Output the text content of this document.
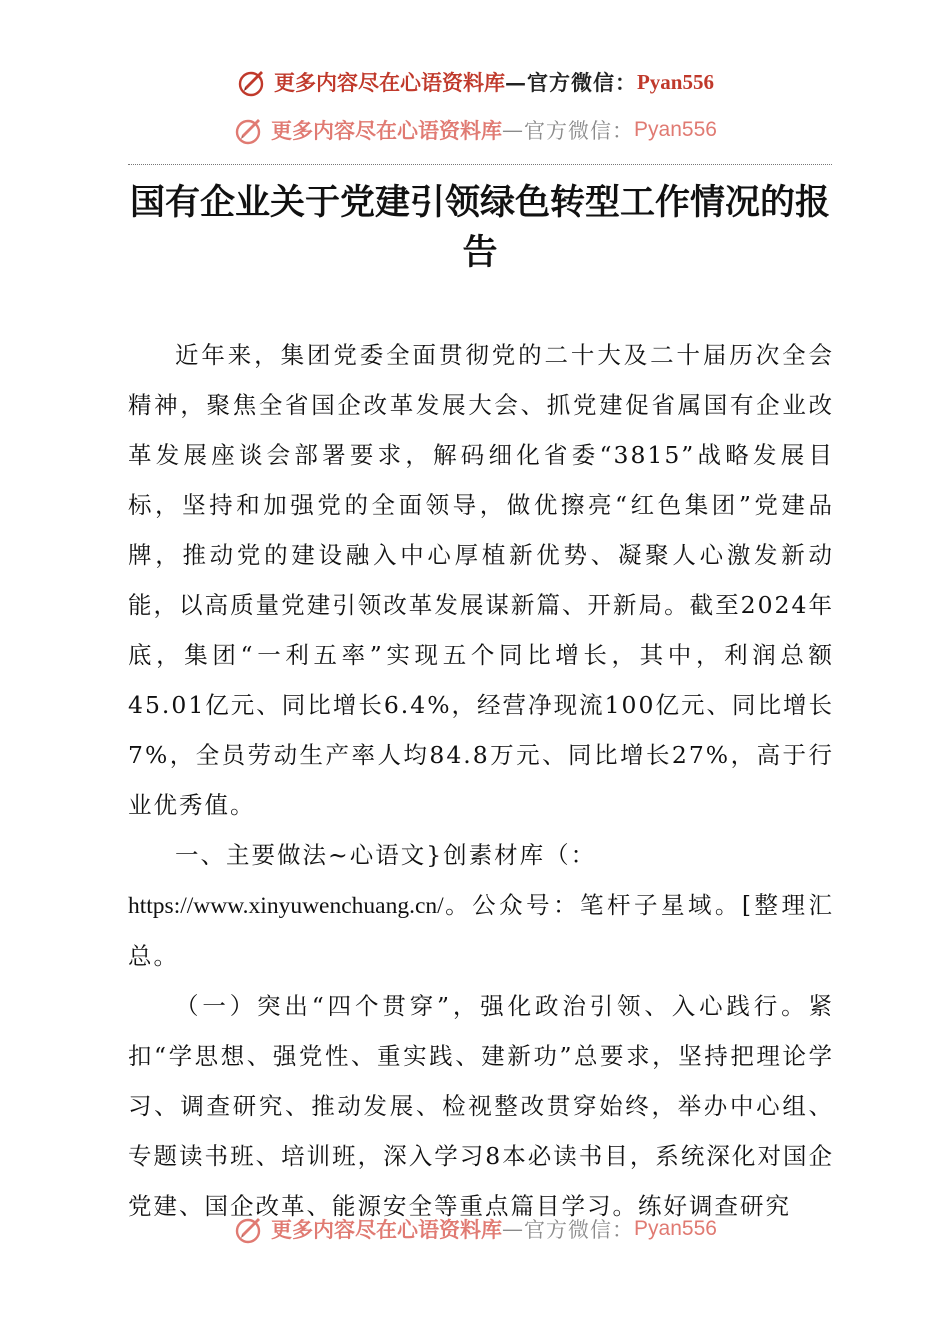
更多内容尽在心语资料库 — 官方微信： Pyan556
更多内容尽在心语资料库 — 官方微信： Pyan556
国有企业关于党建引领绿色转型工作情况的报告

近年来，集团党委全面贯彻党的二十大及二十届历次全会精神，聚焦全省国企改革发展大会、抓党建促省属国有企业改革发展座谈会部署要求，解码细化省委“3815”战略发展目标，坚持和加强党的全面领导，做优擦亮“红色集团”党建品牌，推动党的建设融入中心厚植新优势、凝聚人心激发新动能，以高质量党建引领改革发展谋新篇、开新局。截至2024年底，集团“一利五率”实现五个同比增长，其中，利润总额45.01亿元、同比增长6.4%，经营净现流100亿元、同比增长7%，全员劳动生产率人均84.8万元、同比增长27%，高于行业优秀值。

一、主要做法~心语文}创素材库（：

https://www.xinyuwenchuang.cn/。公众号：笔杆子星域。[整理汇总。

（一）突出“四个贯穿”，强化政治引领、入心践行。紧扣“学思想、强党性、重实践、建新功”总要求，坚持把理论学习、调查研究、推动发展、检视整改贯穿始终，举办中心组、专题读书班、培训班，深入学习8本必读书目，系统深化对国企党建、国企改革、能源安全等重点篇目学习。练好调查研究

更多内容尽在心语资料库 — 官方微信： Pyan556
